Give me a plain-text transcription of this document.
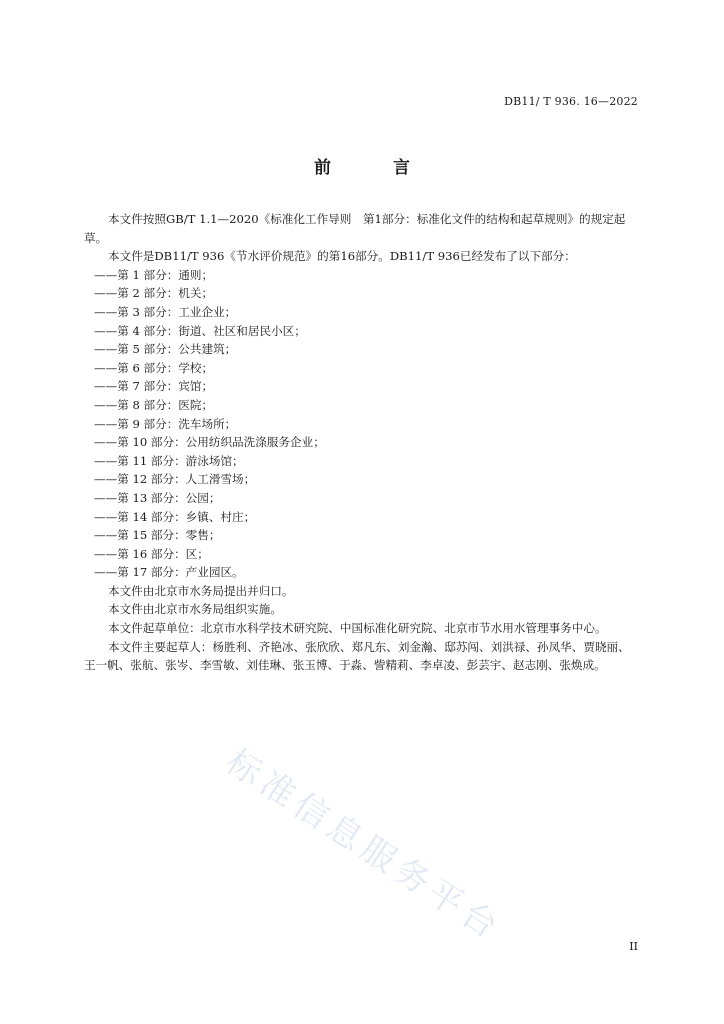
DB11/ T 936. 16—2022
前 言

本文件按照GB/T 1.1—2020《标准化工作导则　第1部分：标准化文件的结构和起草规则》的规定起草。

本文件是DB11/T 936《节水评价规范》的第16部分。DB11/T 936已经发布了以下部分：

——第 1 部分：通则；
——第 2 部分：机关；
——第 3 部分：工业企业；
——第 4 部分：街道、社区和居民小区；
——第 5 部分：公共建筑；
——第 6 部分：学校；
——第 7 部分：宾馆；
——第 8 部分：医院；
——第 9 部分：洗车场所；
——第 10 部分：公用纺织品洗涤服务企业；
——第 11 部分：游泳场馆；
——第 12 部分：人工滑雪场；
——第 13 部分：公园；
——第 14 部分：乡镇、村庄；
——第 15 部分：零售；
——第 16 部分：区；
——第 17 部分：产业园区。

本文件由北京市水务局提出并归口。

本文件由北京市水务局组织实施。

本文件起草单位：北京市水科学技术研究院、中国标准化研究院、北京市节水用水管理事务中心。

本文件主要起草人：杨胜利、齐艳冰、张欣欣、郑凡东、刘金瀚、邸苏闯、刘洪禄、孙凤华、贾晓丽、王一帆、张航、张岑、李雪敏、刘佳琳、张玉博、于淼、訾精莉、李卓凌、彭芸宇、赵志刚、张焕成。

标准信息服务平台	II
